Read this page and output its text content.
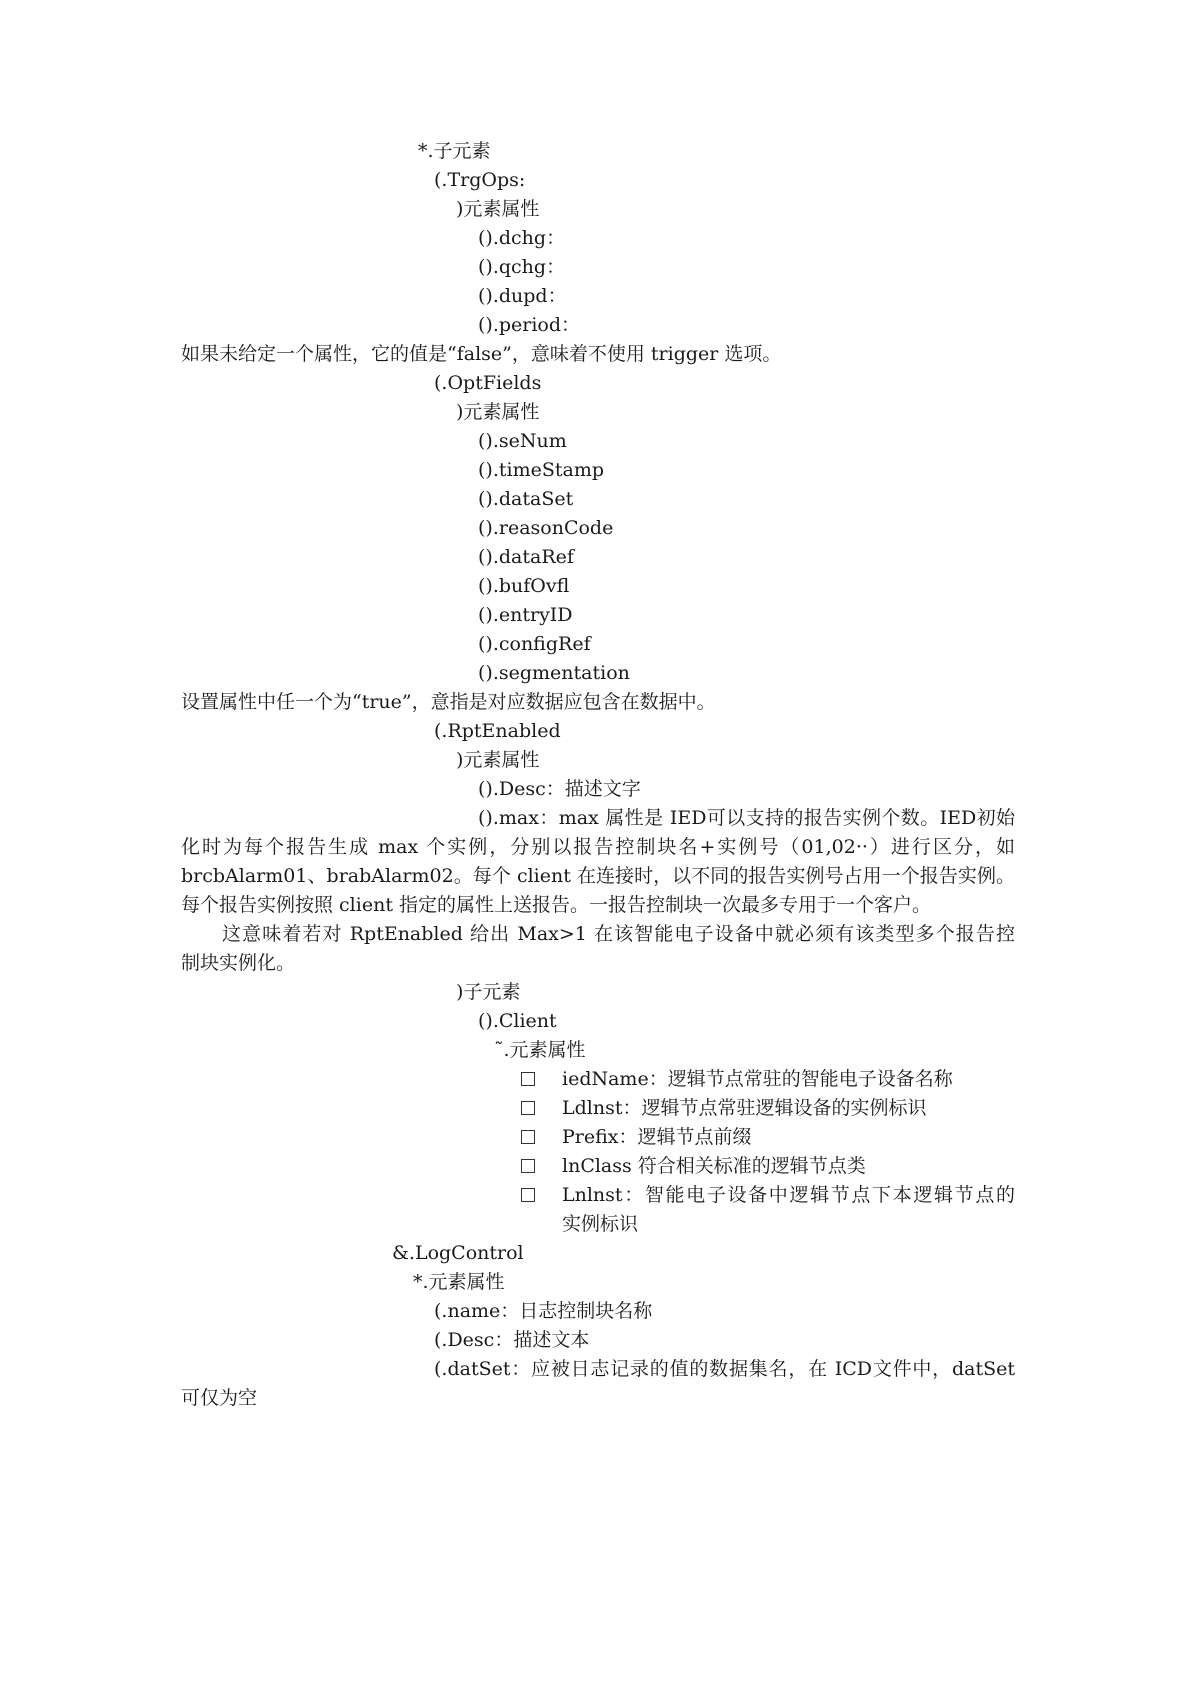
*.子元素
(.TrgOps:
)元素属性
().dchg：
().qchg：
().dupd：
().period：
如果未给定一个属性，它的值是“false”，意味着不使用 trigger 选项。
(.OptFields
)元素属性
().seNum
().timeStamp
().dataSet
().reasonCode
().dataRef
().bufOvfl
().entryID
().configRef
().segmentation
设置属性中任一个为“true”，意指是对应数据应包含在数据中。
(.RptEnabled
)元素属性
().Desc：描述文字
().max：max 属性是 IED可以支持的报告实例个数。IED初始
化时为每个报告生成 max 个实例，分别以报告控制块名+实例号（01,02··）进行区分，如
brcbAlarm01、brabAlarm02。每个 client 在连接时，以不同的报告实例号占用一个报告实例。
每个报告实例按照 client 指定的属性上送报告。一报告控制块一次最多专用于一个客户。
这意味着若对 RptEnabled 给出 Max>1 在该智能电子设备中就必须有该类型多个报告控
制块实例化。
)子元素
().Client
˜.元素属性
iedName：逻辑节点常驻的智能电子设备名称
Ldlnst：逻辑节点常驻逻辑设备的实例标识
Prefix：逻辑节点前缀
lnClass 符合相关标准的逻辑节点类
Lnlnst：智能电子设备中逻辑节点下本逻辑节点的
实例标识
&.LogControl
*.元素属性
(.name：日志控制块名称
(.Desc：描述文本
(.datSet：应被日志记录的值的数据集名，在 ICD文件中，datSet
可仅为空
